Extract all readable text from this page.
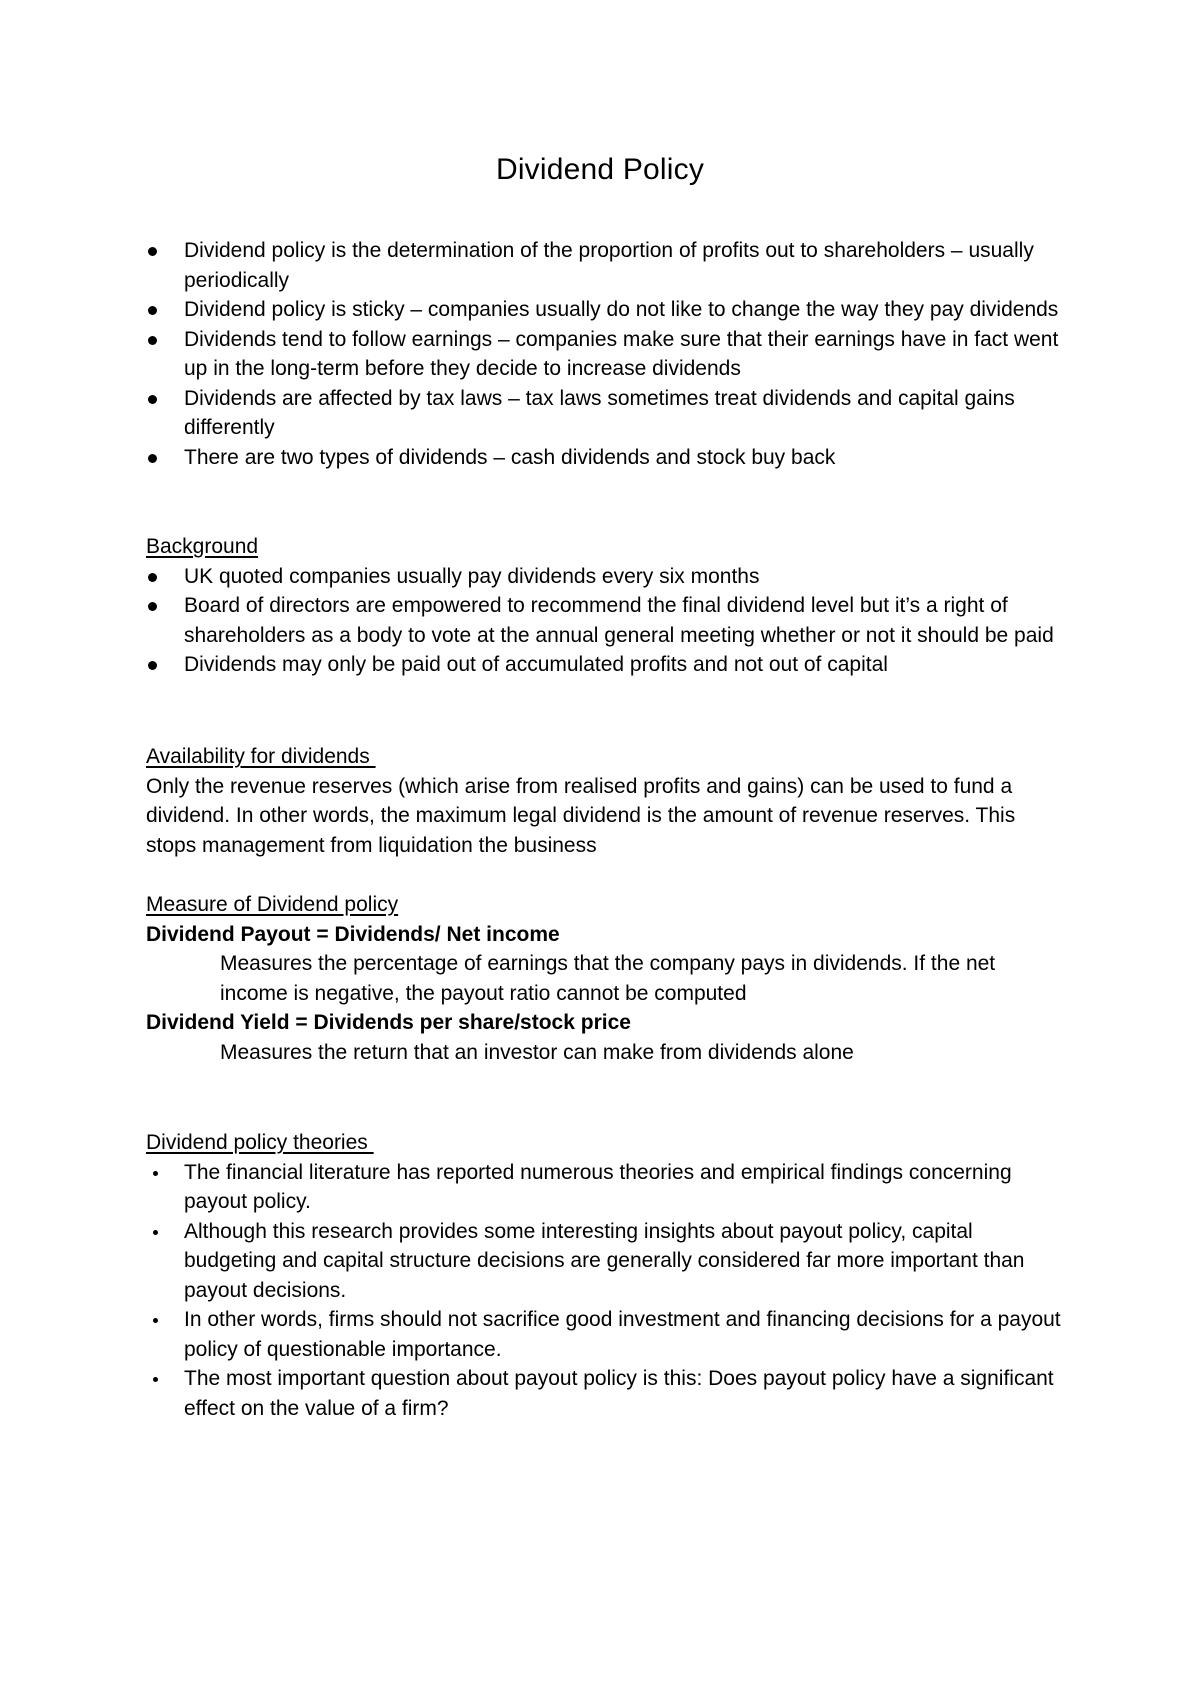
Dividend Policy
Dividend policy is the determination of the proportion of profits out to shareholders – usually periodically
Dividend policy is sticky – companies usually do not like to change the way they pay dividends
Dividends tend to follow earnings – companies make sure that their earnings have in fact went up in the long-term before they decide to increase dividends
Dividends are affected by tax laws – tax laws sometimes treat dividends and capital gains differently
There are two types of dividends – cash dividends and stock buy back

Background

UK quoted companies usually pay dividends every six months
Board of directors are empowered to recommend the final dividend level but it’s a right of shareholders as a body to vote at the annual general meeting whether or not it should be paid
Dividends may only be paid out of accumulated profits and not out of capital

Availability for dividends

Only the revenue reserves (which arise from realised profits and gains) can be used to fund a dividend. In other words, the maximum legal dividend is the amount of revenue reserves. This stops management from liquidation the business

Measure of Dividend policy

Dividend Payout = Dividends/ Net income

Measures the percentage of earnings that the company pays in dividends. If the net income is negative, the payout ratio cannot be computed

Dividend Yield = Dividends per share/stock price

Measures the return that an investor can make from dividends alone

Dividend policy theories

The financial literature has reported numerous theories and empirical findings concerning payout policy.
Although this research provides some interesting insights about payout policy, capital budgeting and capital structure decisions are generally considered far more important than payout decisions.
In other words, firms should not sacrifice good investment and financing decisions for a payout policy of questionable importance.
The most important question about payout policy is this: Does payout policy have a significant effect on the value of a firm?
